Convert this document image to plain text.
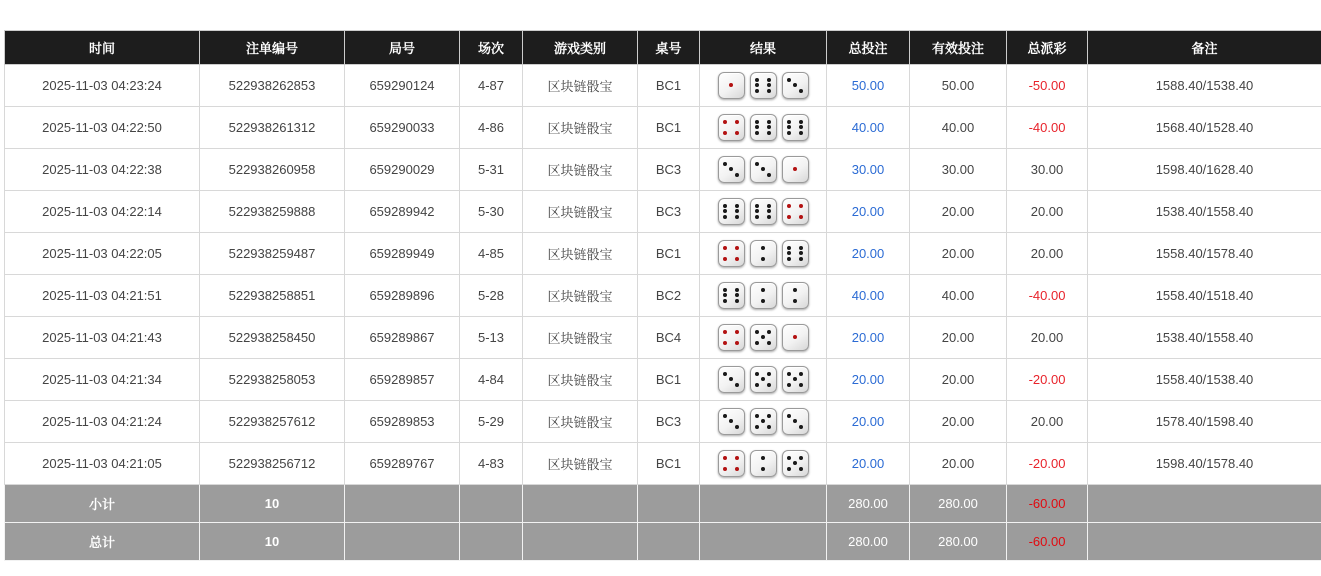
时间	注单编号	局号	场次	游戏类别	桌号	结果	总投注	有效投注	总派彩	备注
2025-11-03 04:23:24	522938262853	659290124	4-87	区块链骰宝	BC1		50.00	50.00	-50.00	1588.40/1538.40
2025-11-03 04:22:50	522938261312	659290033	4-86	区块链骰宝	BC1		40.00	40.00	-40.00	1568.40/1528.40
2025-11-03 04:22:38	522938260958	659290029	5-31	区块链骰宝	BC3		30.00	30.00	30.00	1598.40/1628.40
2025-11-03 04:22:14	522938259888	659289942	5-30	区块链骰宝	BC3		20.00	20.00	20.00	1538.40/1558.40
2025-11-03 04:22:05	522938259487	659289949	4-85	区块链骰宝	BC1		20.00	20.00	20.00	1558.40/1578.40
2025-11-03 04:21:51	522938258851	659289896	5-28	区块链骰宝	BC2		40.00	40.00	-40.00	1558.40/1518.40
2025-11-03 04:21:43	522938258450	659289867	5-13	区块链骰宝	BC4		20.00	20.00	20.00	1538.40/1558.40
2025-11-03 04:21:34	522938258053	659289857	4-84	区块链骰宝	BC1		20.00	20.00	-20.00	1558.40/1538.40
2025-11-03 04:21:24	522938257612	659289853	5-29	区块链骰宝	BC3		20.00	20.00	20.00	1578.40/1598.40
2025-11-03 04:21:05	522938256712	659289767	4-83	区块链骰宝	BC1		20.00	20.00	-20.00	1598.40/1578.40
小计	10						280.00	280.00	-60.00	
总计	10						280.00	280.00	-60.00	
